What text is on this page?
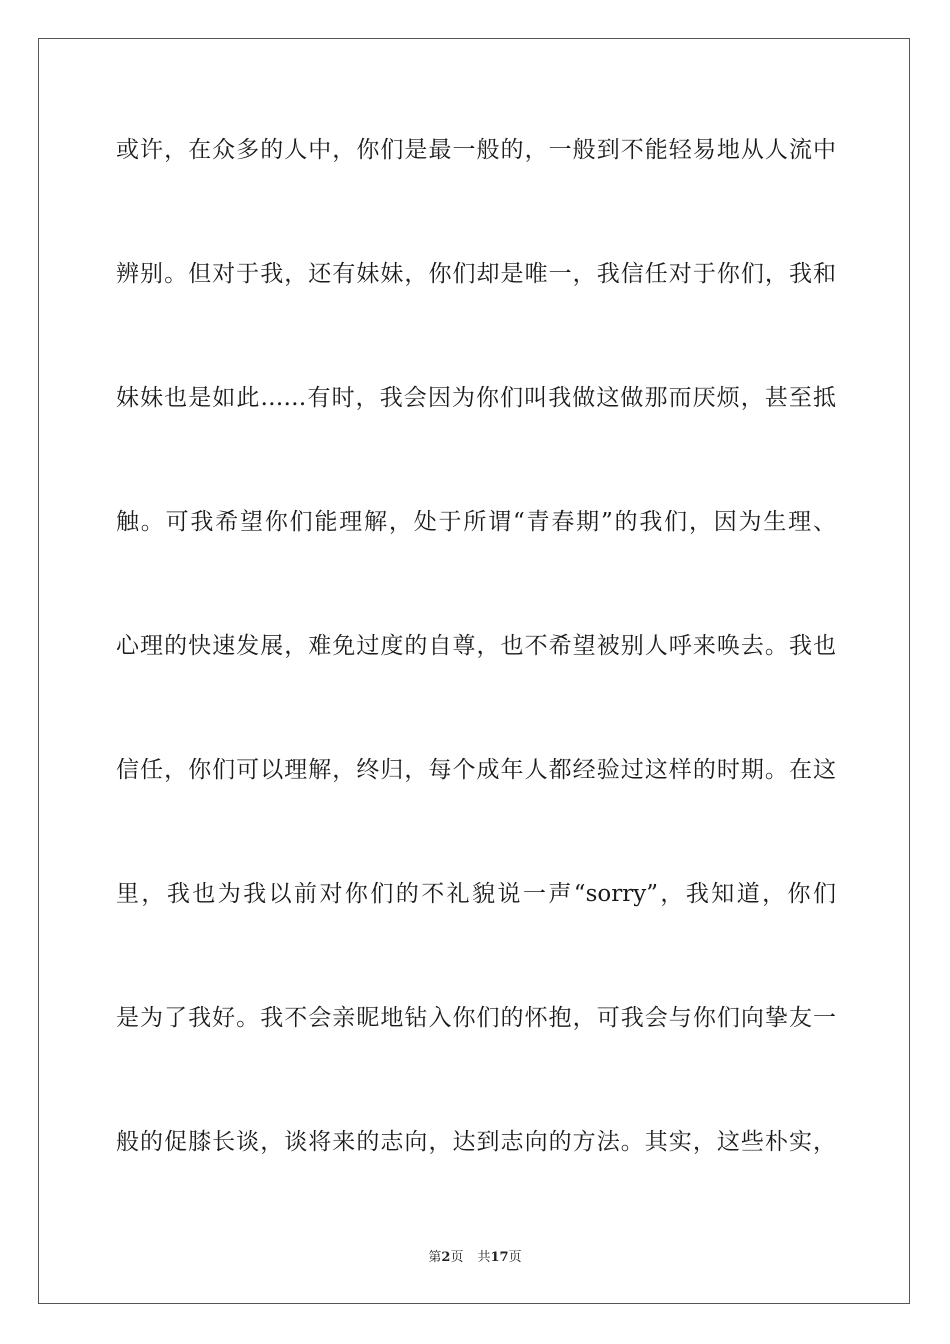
或许，在众多的人中，你们是最一般的，一般到不能轻易地从人流中
辨别。但对于我，还有妹妹，你们却是唯一，我信任对于你们，我和
妹妹也是如此……有时，我会因为你们叫我做这做那而厌烦，甚至抵
触。可我希望你们能理解，处于所谓“青春期”的我们，因为生理、
心理的快速发展，难免过度的自尊，也不希望被别人呼来唤去。我也
信任，你们可以理解，终归，每个成年人都经验过这样的时期。在这
里，我也为我以前对你们的不礼貌说一声“sorry”，我知道，你们
是为了我好。我不会亲昵地钻入你们的怀抱，可我会与你们向挚友一
般的促膝长谈，谈将来的志向，达到志向的方法。其实，这些朴实，
第2页 共17页
